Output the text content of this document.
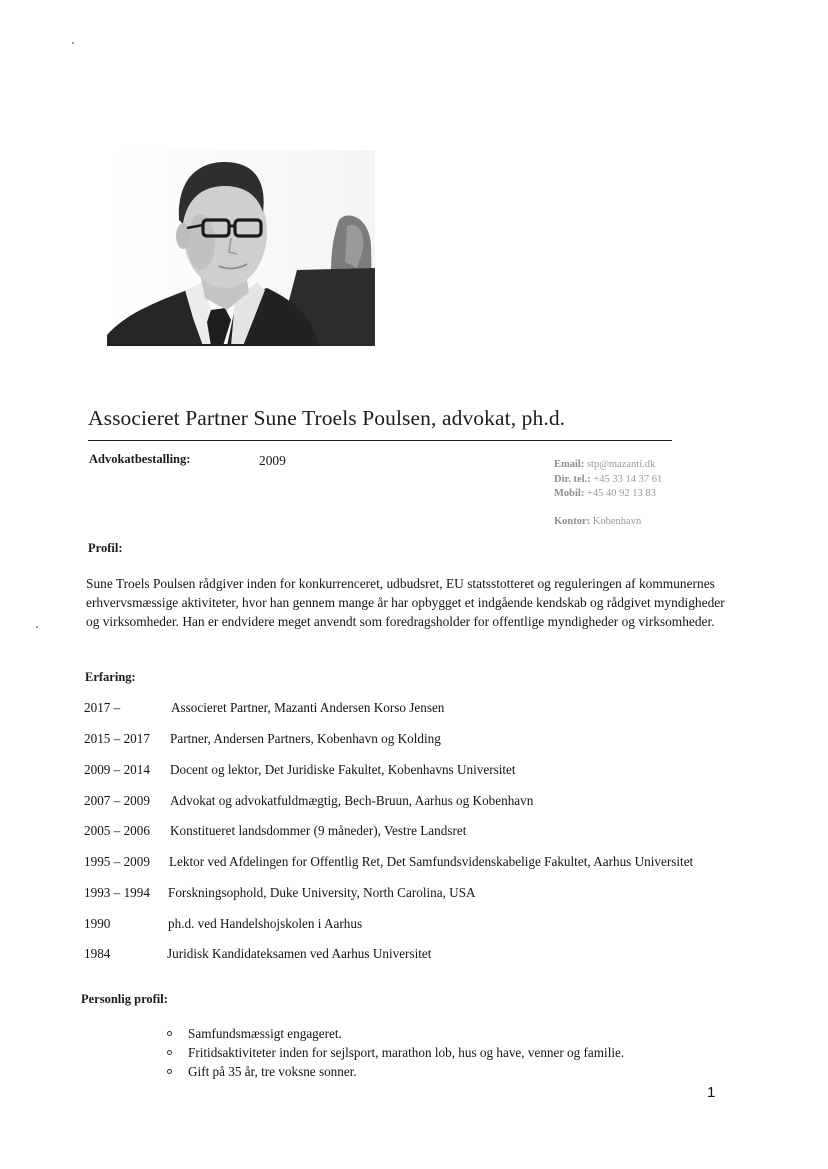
Associeret Partner Sune Troels Poulsen, advokat, ph.d.
Advokatbestalling:	2009	Email: stp@mazanti.dk
Dir. tel.: +45 33 14 37 61
Mobil: +45 40 92 13 83
Kontor: Kobenhavn
Profil:
Sune Troels Poulsen rådgiver inden for konkurrenceret, udbudsret, EU statsstotteret og reguleringen af kommunernes
erhvervsmæssige aktiviteter, hvor han gennem mange år har opbygget et indgående kendskab og rådgivet myndigheder
og virksomheder. Han er endvidere meget anvendt som foredragsholder for offentlige myndigheder og virksomheder.
Erfaring:
2017 –	Associeret Partner, Mazanti Andersen Korso Jensen
2015 – 2017 Partner, Andersen Partners, Kobenhavn og Kolding
2009 – 2014 Docent og lektor, Det Juridiske Fakultet, Kobenhavns Universitet
2007 – 2009 Advokat og advokatfuldmægtig, Bech-Bruun, Aarhus og Kobenhavn
2005 – 2006 Konstitueret landsdommer (9 måneder), Vestre Landsret
1995 – 2009 Lektor ved Afdelingen for Offentlig Ret, Det Samfundsvidenskabelige Fakultet, Aarhus Universitet
1993 – 1994 Forskningsophold, Duke University, North Carolina, USA
1990	ph.d. ved Handelshojskolen i Aarhus
1984	Juridisk Kandidateksamen ved Aarhus Universitet
Personlig profil:
Samfundsmæssigt engageret.
Fritidsaktiviteter inden for sejlsport, marathon lob, hus og have, venner og familie.
Gift på 35 år, tre voksne sonner.
1
